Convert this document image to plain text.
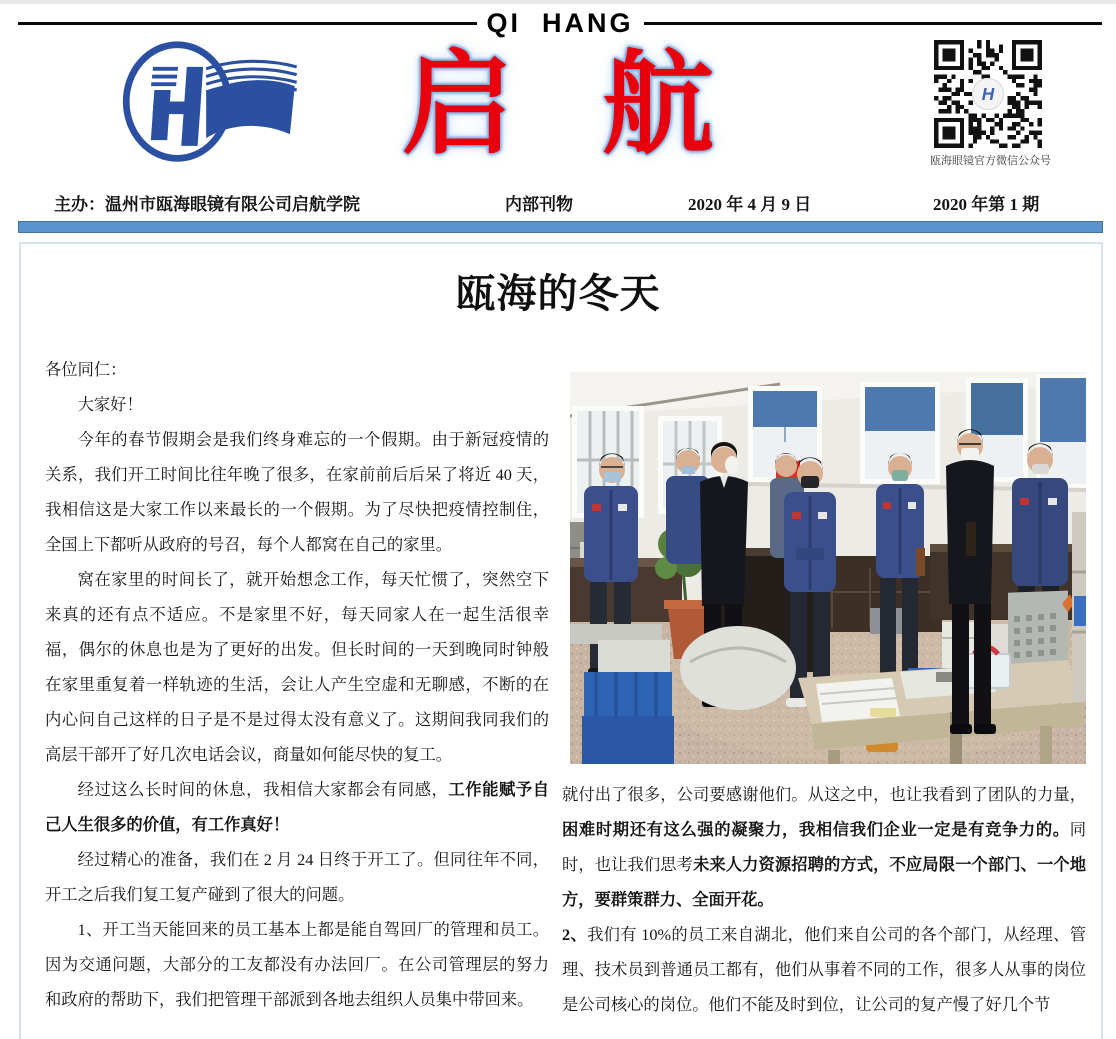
QI  HANG
启 航	H
瓯海眼镜官方微信公众号
主办：温州市瓯海眼镜有限公司启航学院	内部刊物	2020 年 4 月 9 日	2020 年第 1 期
瓯海的冬天

各位同仁：

大家好！

今年的春节假期会是我们终身难忘的一个假期。由于新冠疫情的关系，我们开工时间比往年晚了很多，在家前前后后呆了将近 40 天，我相信这是大家工作以来最长的一个假期。为了尽快把疫情控制住，全国上下都听从政府的号召，每个人都窝在自己的家里。

窝在家里的时间长了，就开始想念工作，每天忙惯了，突然空下来真的还有点不适应。不是家里不好，每天同家人在一起生活很幸福，偶尔的休息也是为了更好的出发。但长时间的一天到晚同时钟般在家里重复着一样轨迹的生活，会让人产生空虚和无聊感，不断的在内心问自己这样的日子是不是过得太没有意义了。这期间我同我们的高层干部开了好几次电话会议，商量如何能尽快的复工。

经过这么长时间的休息，我相信大家都会有同感，工作能赋予自己人生很多的价值，有工作真好！

经过精心的准备，我们在 2 月 24 日终于开工了。但同往年不同，开工之后我们复工复产碰到了很大的问题。

1、开工当天能回来的员工基本上都是能自驾回厂的管理和员工。因为交通问题，大部分的工友都没有办法回厂。在公司管理层的努力和政府的帮助下，我们把管理干部派到各地去组织人员集中带回来。

就付出了很多，公司要感谢他们。从这之中，也让我看到了团队的力量，困难时期还有这么强的凝聚力，我相信我们企业一定是有竞争力的。同时，也让我们思考未来人力资源招聘的方式，不应局限一个部门、一个地方，要群策群力、全面开花。

2、我们有 10%的员工来自湖北，他们来自公司的各个部门，从经理、管理、技术员到普通员工都有，他们从事着不同的工作，很多人从事的岗位是公司核心的岗位。他们不能及时到位，让公司的复产慢了好几个节
